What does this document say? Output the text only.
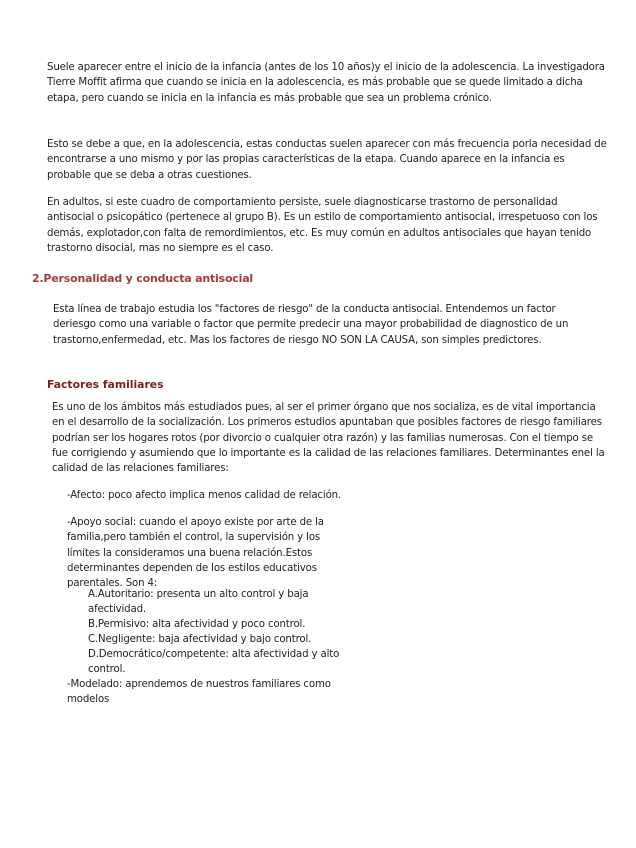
Suele aparecer entre el inicio de la infancia (antes de los 10 años)y el inicio de la adolescencia. La investigadora Tierre Moffit afirma que cuando se inicia en la adolescencia, es más probable que se quede limitado a dicha etapa, pero cuando se inicia en la infancia es más probable que sea un problema crónico.
Esto se debe a que, en la adolescencia, estas conductas suelen aparecer con más frecuencia porla necesidad de encontrarse a uno mismo y por las propias características de la etapa. Cuando aparece en la infancia es probable que se deba a otras cuestiones.
En adultos, si este cuadro de comportamiento persiste, suele diagnosticarse trastorno de personalidad antisocial o psicopático (pertenece al grupo B). Es un estilo de comportamiento antisocial, irrespetuoso con los demás, explotador,con falta de remordimientos, etc. Es muy común en adultos antisociales que hayan tenido trastorno disocial, mas no siempre es el caso.
2.Personalidad y conducta antisocial
Esta línea de trabajo estudia los "factores de riesgo" de la conducta antisocial. Entendemos un factor deriesgo como una variable o factor que permite predecir una mayor probabilidad de diagnostico de un trastorno,enfermedad, etc. Mas los factores de riesgo NO SON LA CAUSA, son simples predictores.
Factores familiares
Es uno de los ámbitos más estudiados pues, al ser el primer órgano que nos socializa, es de vital importancia en el desarrollo de la socialización. Los primeros estudios apuntaban que posibles factores de riesgo familiares podrían ser los hogares rotos (por divorcio o cualquier otra razón) y las familias numerosas. Con el tiempo se fue corrigiendo y asumiendo que lo importante es la calidad de las relaciones familiares. Determinantes enel la calidad de las relaciones familiares:
-Afecto: poco afecto implica menos calidad de relación.
-Apoyo social: cuando el apoyo existe por arte de la familia,pero también el control, la supervisión y los límites la consideramos una buena relación.Estos determinantes dependen de los estilos educativos parentales. Son 4:
A.Autoritario: presenta un alto control y baja afectividad.
B.Permisivo: alta afectividad y poco control.
C.Negligente: baja afectividad y bajo control.
D.Democrático/competente: alta afectividad y alto control.
-Modelado: aprendemos de nuestros familiares como modelos
